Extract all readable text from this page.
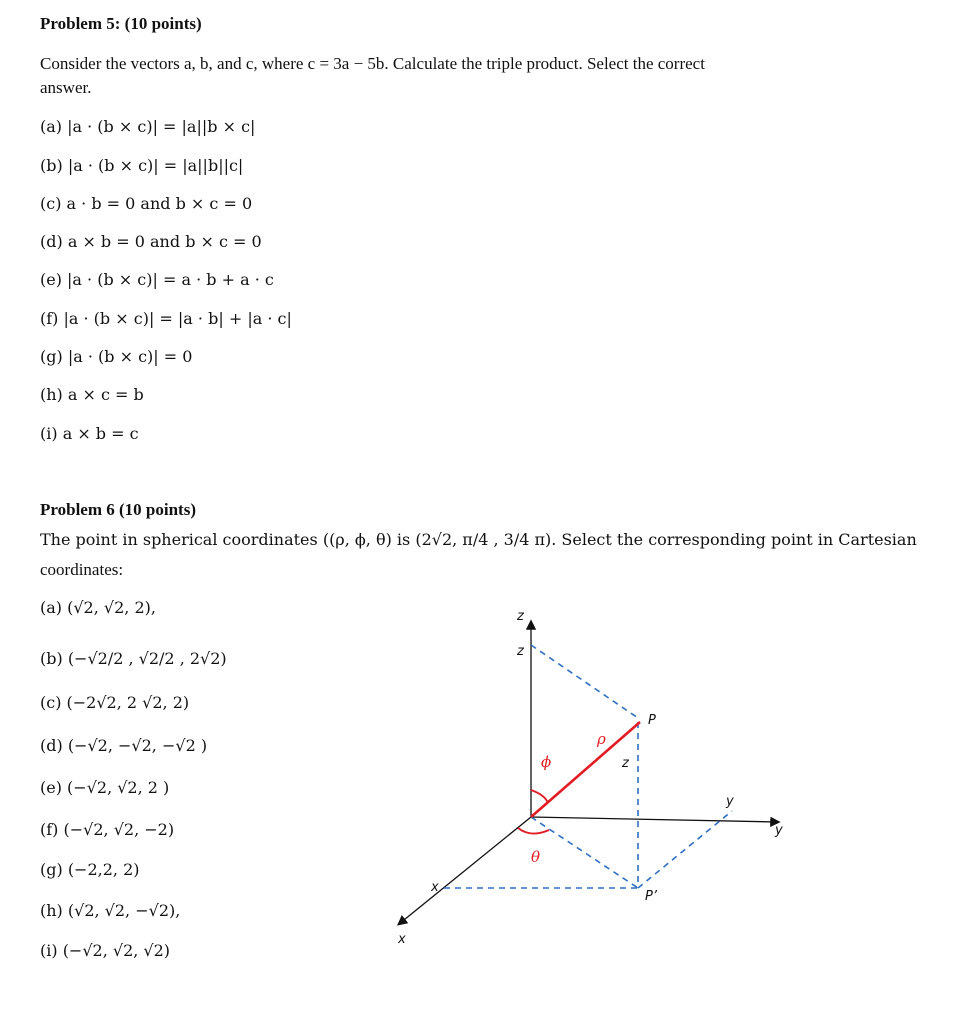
Problem 5: (10 points)
Consider the vectors a, b, and c, where c = 3a − 5b. Calculate the triple product. Select the correct
answer.
(a) |a · (b × c)| = |a||b × c|
(b) |a · (b × c)| = |a||b||c|
(c) a · b = 0 and b × c = 0
(d) a × b = 0 and b × c = 0
(e) |a · (b × c)| = a · b + a · c
(f) |a · (b × c)| = |a · b| + |a · c|
(g) |a · (b × c)| = 0
(h) a × c = b
(i) a × b = c
Problem 6 (10 points)
The point in spherical coordinates ((ρ, ϕ, θ) is (2√2, π/4 , 3/4 π). Select the corresponding point in Cartesian
coordinates:
(a) (√2, √2, 2),
(b) (−√2/2 , √2/2 , 2√2)
(c) (−2√2, 2 √2, 2)
(d) (−√2, −√2, −√2 )
(e) (−√2, √2, 2 )
(f) (−√2, √2, −2)
(g) (−2,2, 2)
(h) (√2, √2, −√2),
(i) (−√2, √2, √2)
z
z
P
ρ
ϕ	z
y
y
θ
x
P’
x
